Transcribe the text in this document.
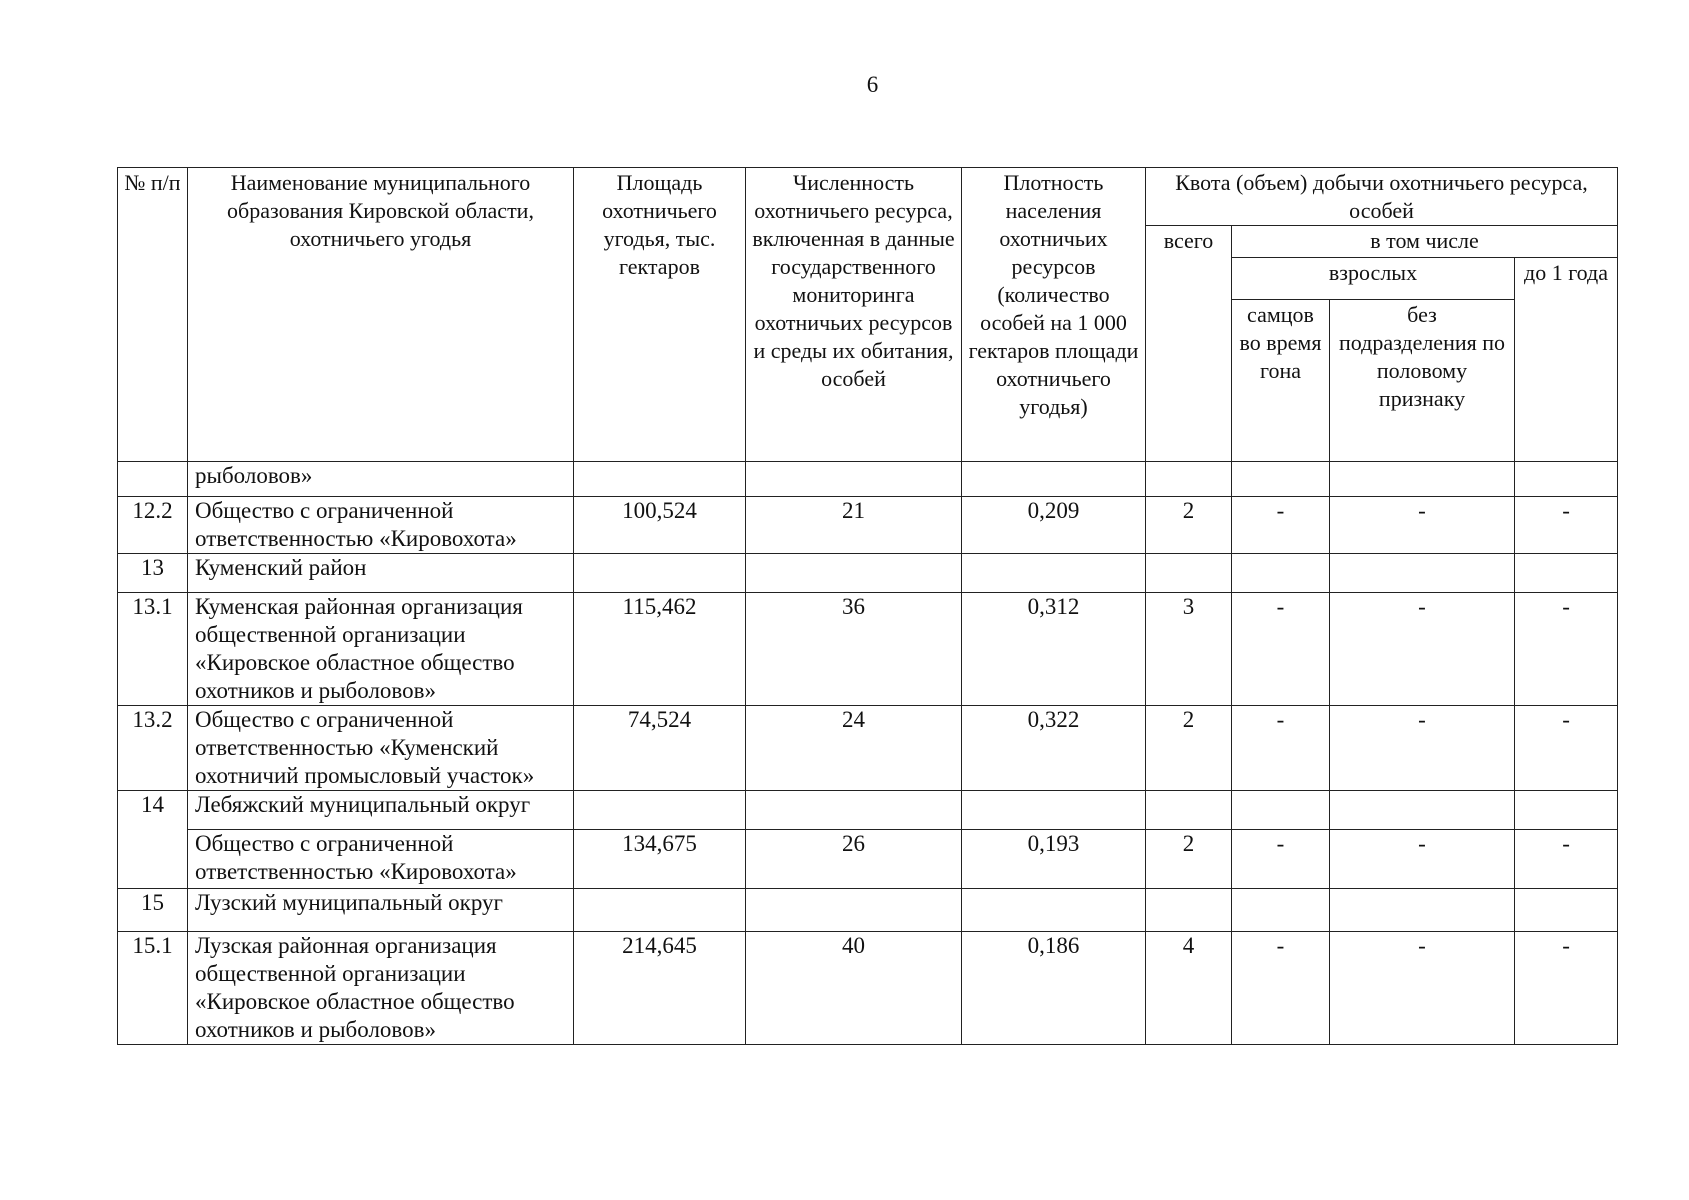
6
№ п/п	Наименование муниципального образования Кировской области, охотничьего угодья	Площадь охотничьего угодья, тыс. гектаров	Численность охотничьего ресурса, включенная в данные государственного мониторинга охотничьих ресурсов и среды их обитания, особей	Плотность населения охотничьих ресурсов (количество особей на 1 000 гектаров площади охотничьего угодья)	Квота (объем) добычи охотничьего ресурса, особей			
					всего	в том числе		
						взрослых		до 1 года
						самцов во время гона	без подразделения по половому признаку	
	рыболовов»							
12.2	Общество с ограниченной ответственностью «Кировохота»	100,524	21	0,209	2	-	-	-
13	Куменский район							
13.1	Куменская районная организация общественной организации «Кировское областное общество охотников и рыболовов»	115,462	36	0,312	3	-	-	-
13.2	Общество с ограниченной ответственностью «Куменский охотничий промысловый участок»	74,524	24	0,322	2	-	-	-
14	Лебяжский муниципальный округ							
	Общество с ограниченной ответственностью «Кировохота»	134,675	26	0,193	2	-	-	-
15	Лузский муниципальный округ							
15.1	Лузская районная организация общественной организации «Кировское областное общество охотников и рыболовов»	214,645	40	0,186	4	-	-	-
